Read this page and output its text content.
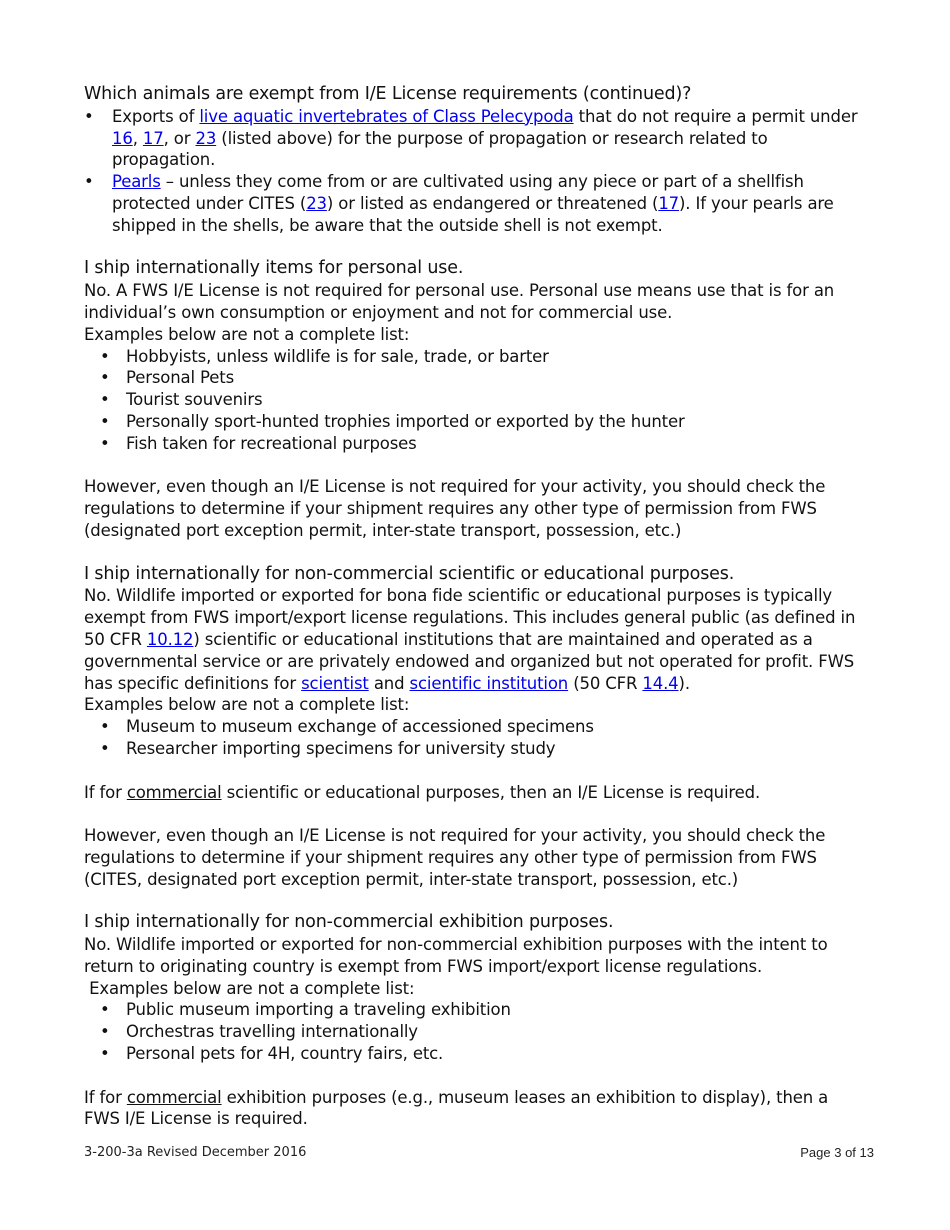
Which animals are exempt from I/E License requirements (continued)?

• Exports of live aquatic invertebrates of Class Pelecypoda that do not require a permit under 16, 17, or 23 (listed above) for the purpose of propagation or research related to propagation.
• Pearls – unless they come from or are cultivated using any piece or part of a shellfish protected under CITES (23) or listed as endangered or threatened (17). If your pearls are shipped in the shells, be aware that the outside shell is not exempt.

I ship internationally items for personal use.

No. A FWS I/E License is not required for personal use. Personal use means use that is for an individual’s own consumption or enjoyment and not for commercial use.

Examples below are not a complete list:

• Hobbyists, unless wildlife is for sale, trade, or barter
• Personal Pets
• Tourist souvenirs
• Personally sport-hunted trophies imported or exported by the hunter
• Fish taken for recreational purposes

However, even though an I/E License is not required for your activity, you should check the regulations to determine if your shipment requires any other type of permission from FWS (designated port exception permit, inter-state transport, possession, etc.)

I ship internationally for non-commercial scientific or educational purposes.

No. Wildlife imported or exported for bona fide scientific or educational purposes is typically exempt from FWS import/export license regulations. This includes general public (as defined in 50 CFR 10.12) scientific or educational institutions that are maintained and operated as a governmental service or are privately endowed and organized but not operated for profit. FWS has specific definitions for scientist and scientific institution (50 CFR 14.4).

Examples below are not a complete list:

• Museum to museum exchange of accessioned specimens
• Researcher importing specimens for university study

If for commercial scientific or educational purposes, then an I/E License is required.

However, even though an I/E License is not required for your activity, you should check the regulations to determine if your shipment requires any other type of permission from FWS (CITES, designated port exception permit, inter-state transport, possession, etc.)

I ship internationally for non-commercial exhibition purposes.

No. Wildlife imported or exported for non-commercial exhibition purposes with the intent to return to originating country is exempt from FWS import/export license regulations.

Examples below are not a complete list:

• Public museum importing a traveling exhibition
• Orchestras travelling internationally
• Personal pets for 4H, country fairs, etc.

If for commercial exhibition purposes (e.g., museum leases an exhibition to display), then a FWS I/E License is required.

3-200-3a Revised December 2016	Page 3 of 13
